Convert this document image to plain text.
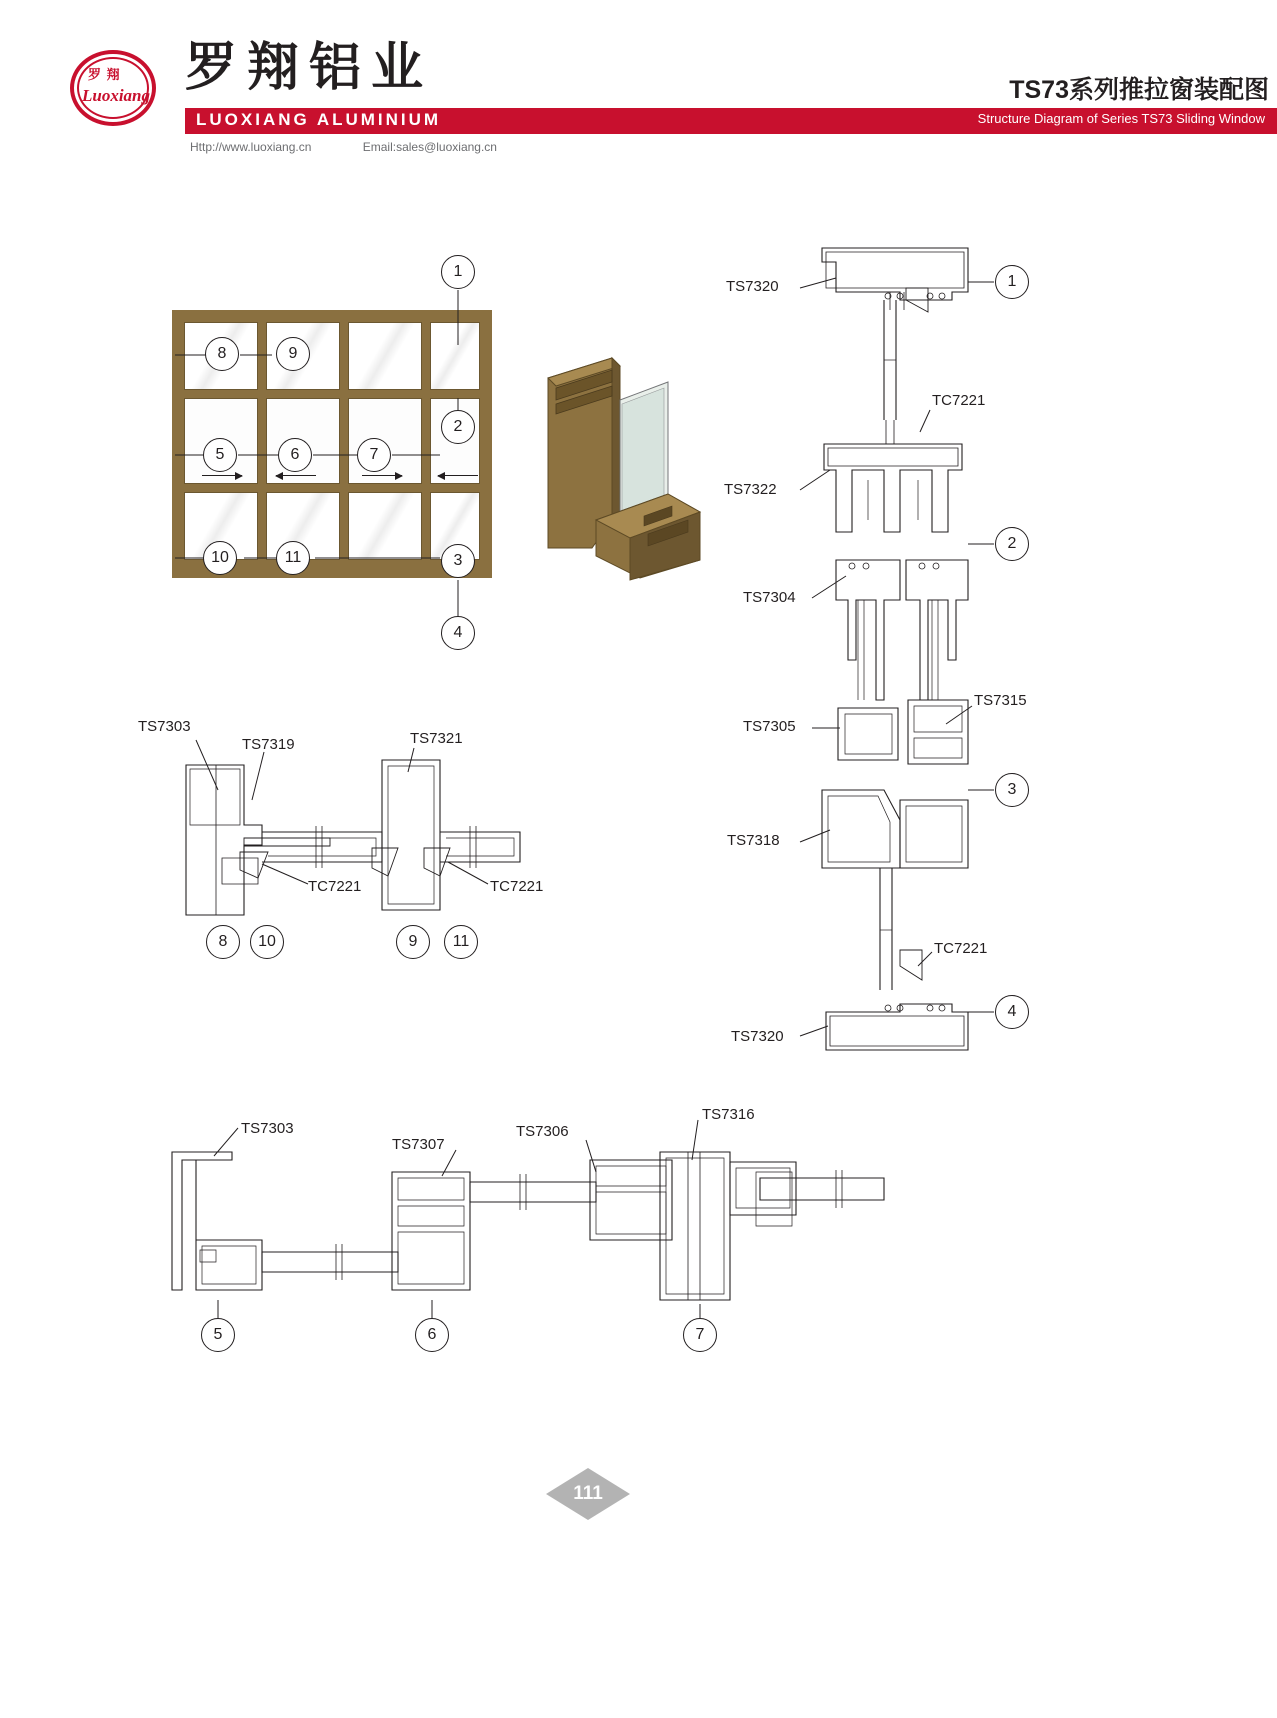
罗 翔
Luoxiang 罗翔铝业
LUOXIANG ALUMINIUM
Http://www.luoxiang.cn	Email:sales@luoxiang.cn
TS73系列推拉窗装配图
Structure Diagram of Series TS73 Sliding Window
1
2
3
4
8	9
5	6	7
10	11
TS7320
TC7221
TS7322
TS7304
TS7305
TS7315
TS7318
TC7221
TS7320
1
2
3
4
TS7303
TS7319	TS7321
TC7221	TC7221
8	10	9	11
TS7303
TS7307
TS7306
TS7316
5	6	7
111
